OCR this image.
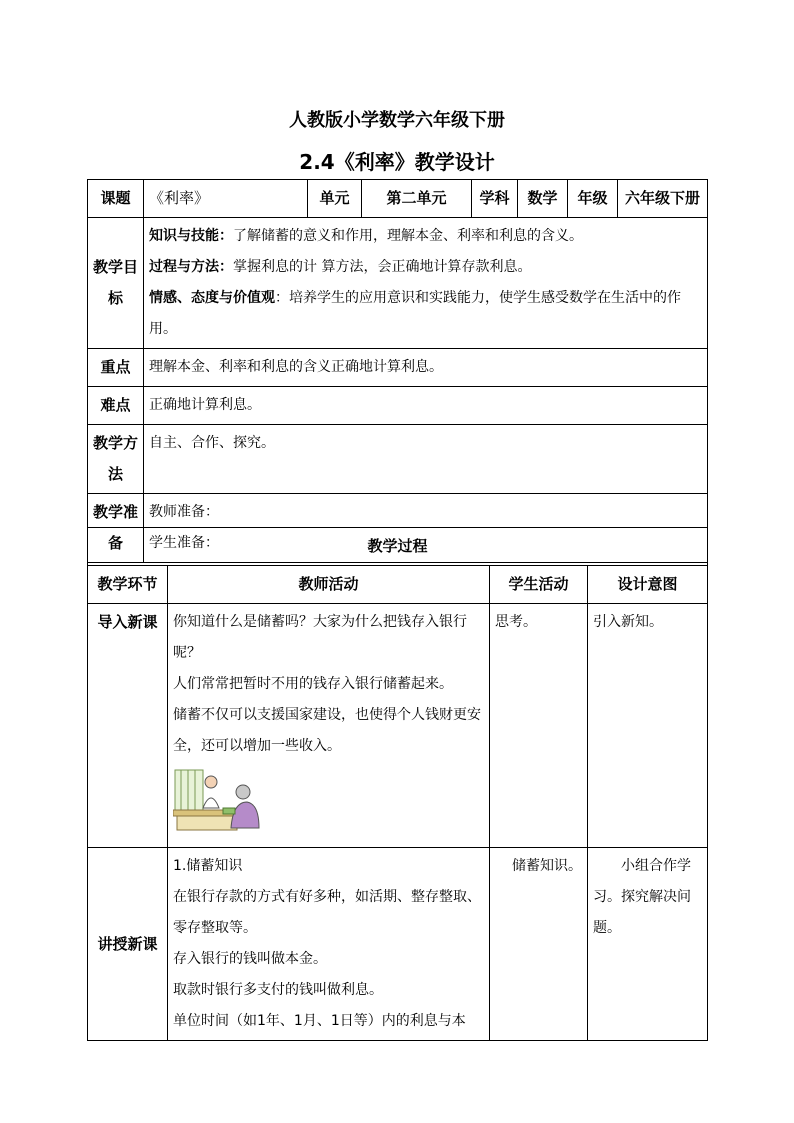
人教版小学数学六年级下册
2.4《利率》教学设计
课题	《利率》	单元	第二单元	学科	数学	年级	六年级下册
教学目标	知识与技能：了解储蓄的意义和作用，理解本金、利率和利息的含义。

过程与方法：掌握利息的计 算方法，会正确地计算存款利息。

情感、态度与价值观：培养学生的应用意识和实践能力，使学生感受数学在生活中的作用。						

重点	理解本金、利率和利息的含义正确地计算利息。						
难点	正确地计算利息。						
教学方法	自主、合作、探究。						
教学准备	教师准备：

学生准备：							教学过程			
教学环节	教师活动	学生活动	设计意图
导入新课	你知道什么是储蓄吗？大家为什么把钱存入银行呢？

人们常常把暂时不用的钱存入银行储蓄起来。

储蓄不仅可以支援国家建设，也使得个人钱财更安全，还可以增加一些收入。	思考。	引入新知。
讲授新课	1.储蓄知识

在银行存款的方式有好多种，如活期、整存整取、零存整取等。

存入银行的钱叫做本金。

取款时银行多支付的钱叫做利息。

单位时间（如1年、1月、1日等）内的利息与本	储蓄知识。	小组合作学习。探究解决问题。
